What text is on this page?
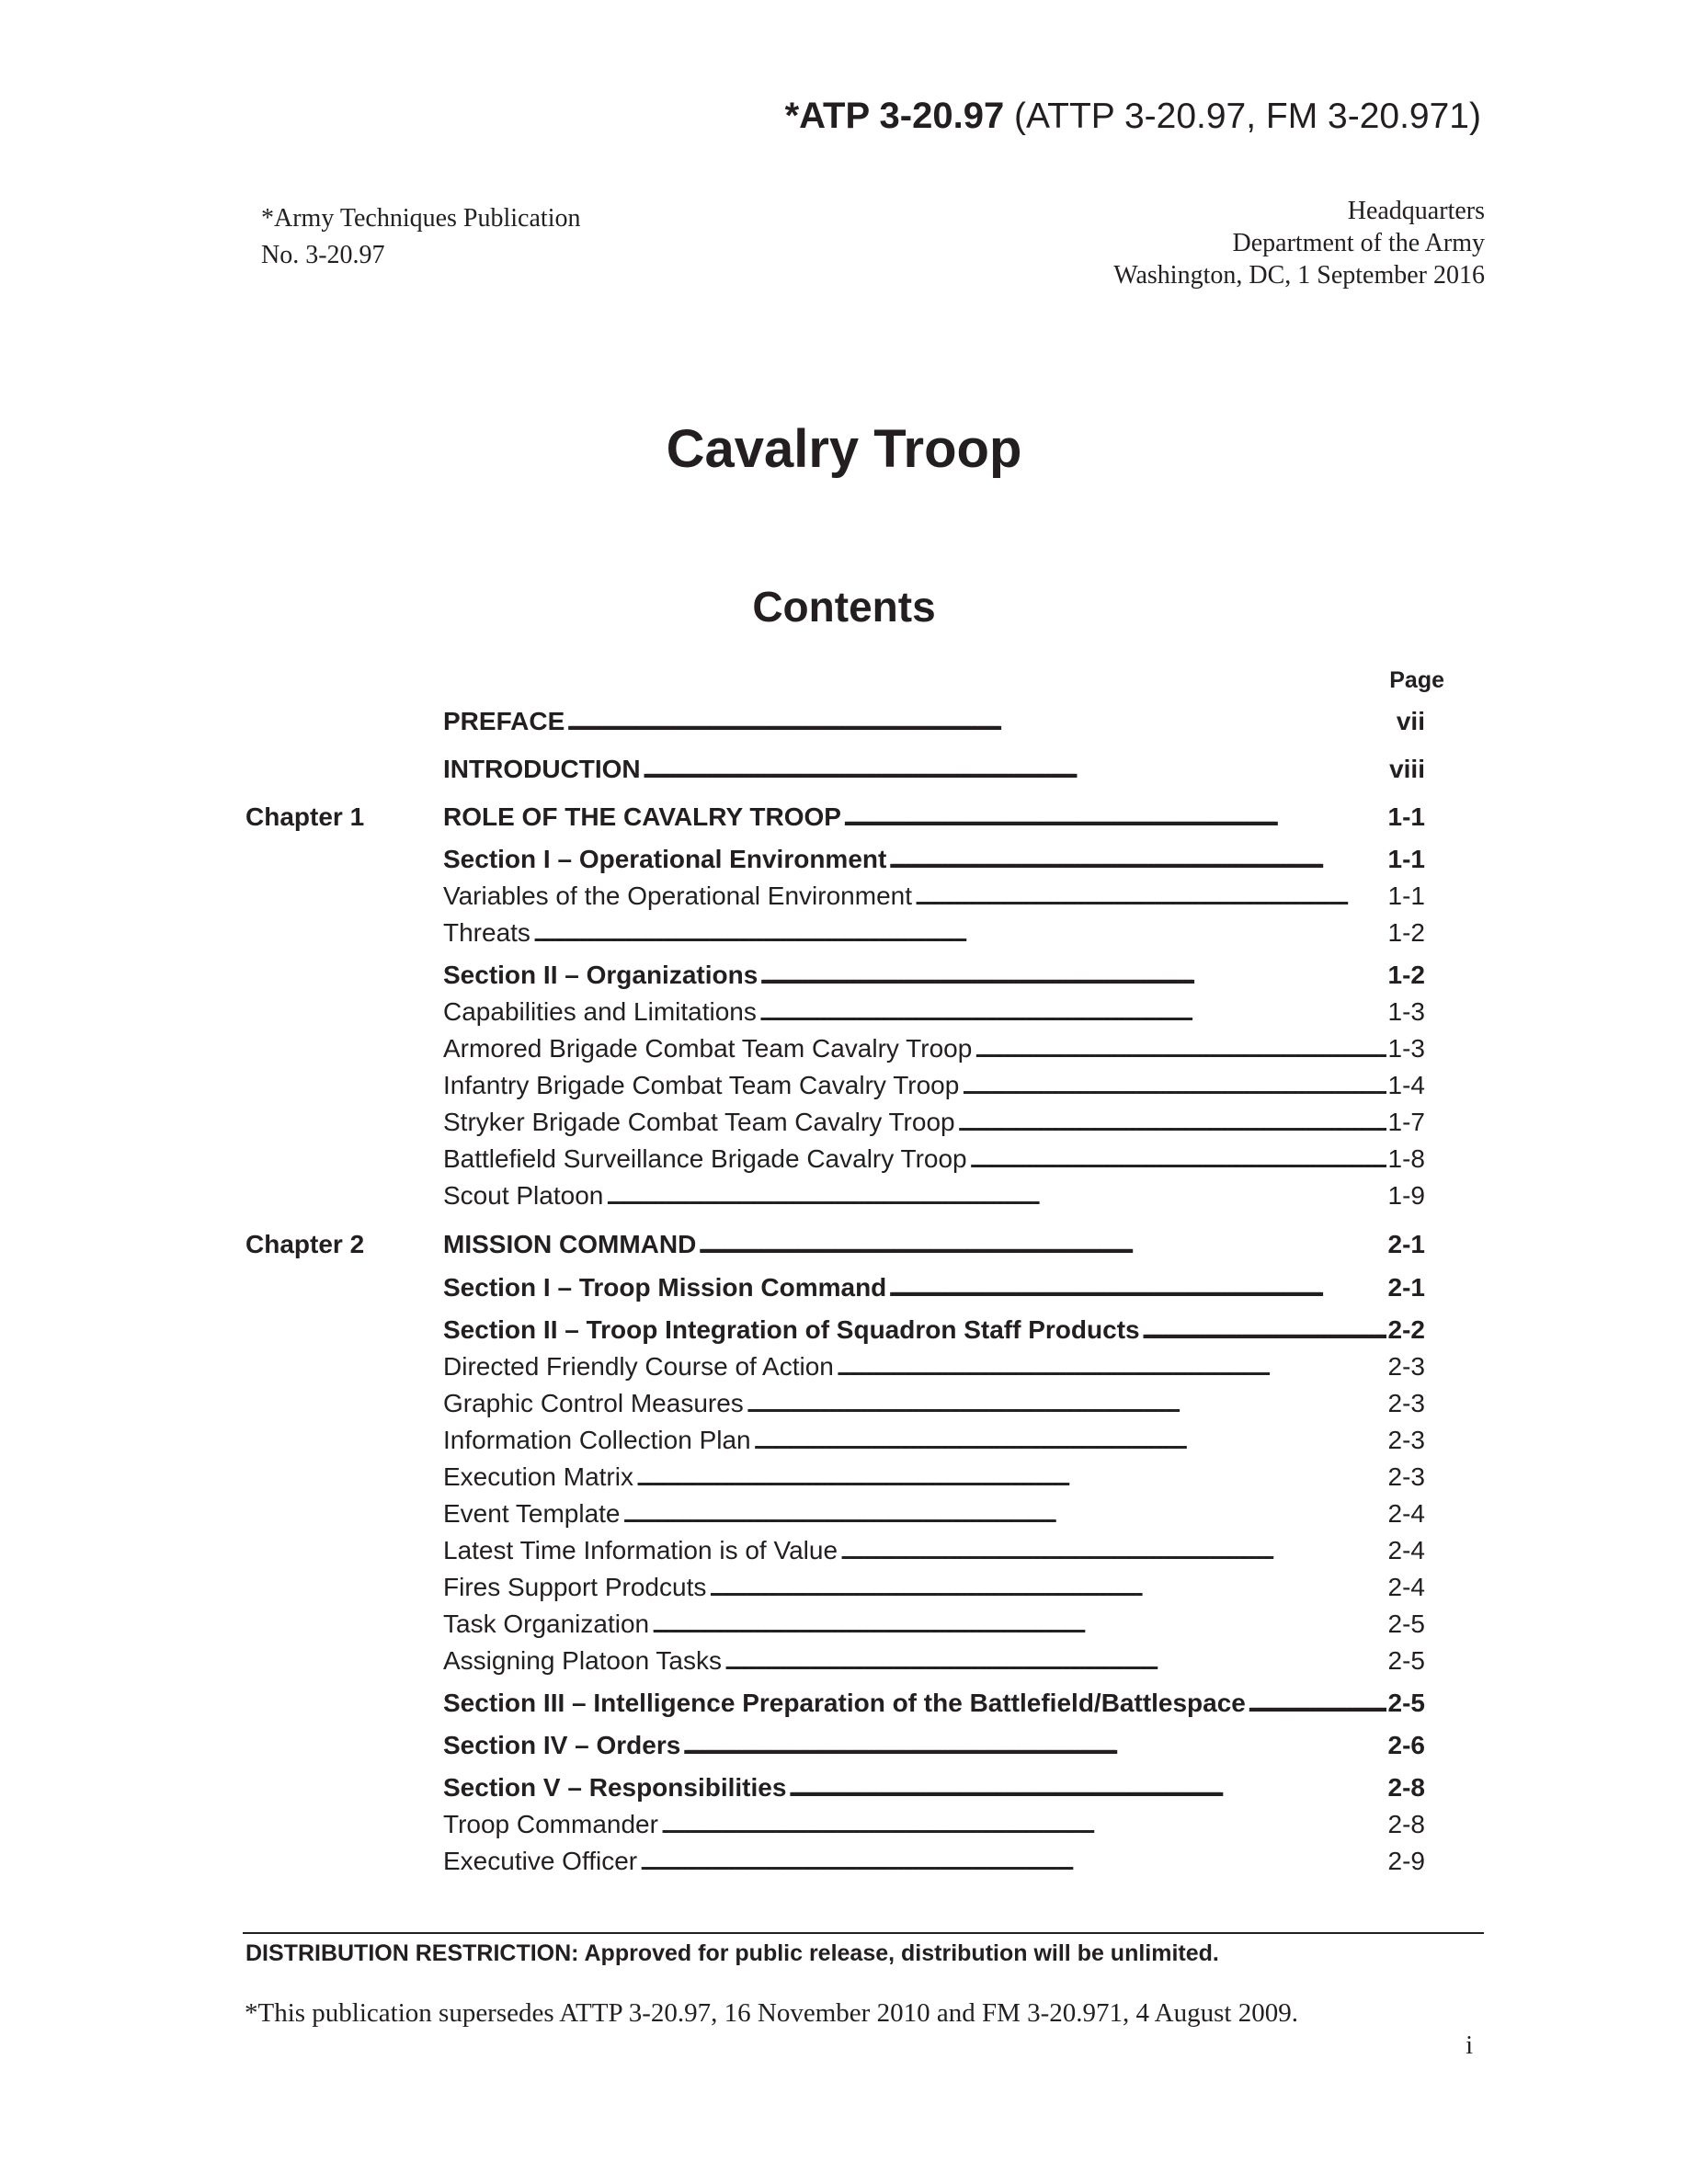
*ATP 3-20.97 (ATTP 3-20.97, FM 3-20.971)
*Army Techniques Publication
No. 3-20.97
Headquarters
Department of the Army
Washington, DC, 1 September 2016
Cavalry Troop
Contents
Page
PREFACE . . .	vii
INTRODUCTION . . .	viii
Chapter 1	ROLE OF THE CAVALRY TROOP . . .	1-1
Section I – Operational Environment . . .	1-1
Variables of the Operational Environment . . .	1-1
Threats . . .	1-2
Section II – Organizations . . .	1-2
Capabilities and Limitations . . .	1-3
Armored Brigade Combat Team Cavalry Troop . . .	1-3
Infantry Brigade Combat Team Cavalry Troop . . .	1-4
Stryker Brigade Combat Team Cavalry Troop . . .	1-7
Battlefield Surveillance Brigade Cavalry Troop . . .	1-8
Scout Platoon . . .	1-9
Chapter 2	MISSION COMMAND . . .	2-1
Section I – Troop Mission Command . . .	2-1
Section II – Troop Integration of Squadron Staff Products . . .	2-2
Directed Friendly Course of Action . . .	2-3
Graphic Control Measures . . .	2-3
Information Collection Plan . . .	2-3
Execution Matrix . . .	2-3
Event Template . . .	2-4
Latest Time Information is of Value . . .	2-4
Fires Support Prodcuts . . .	2-4
Task Organization . . .	2-5
Assigning Platoon Tasks . . .	2-5
Section III – Intelligence Preparation of the Battlefield/Battlespace . . .	2-5
Section IV – Orders . . .	2-6
Section V – Responsibilities . . .	2-8
Troop Commander . . .	2-8
Executive Officer . . .	2-9
DISTRIBUTION RESTRICTION: Approved for public release, distribution will be unlimited.
*This publication supersedes ATTP 3-20.97, 16 November 2010 and FM 3-20.971, 4 August 2009.
i
